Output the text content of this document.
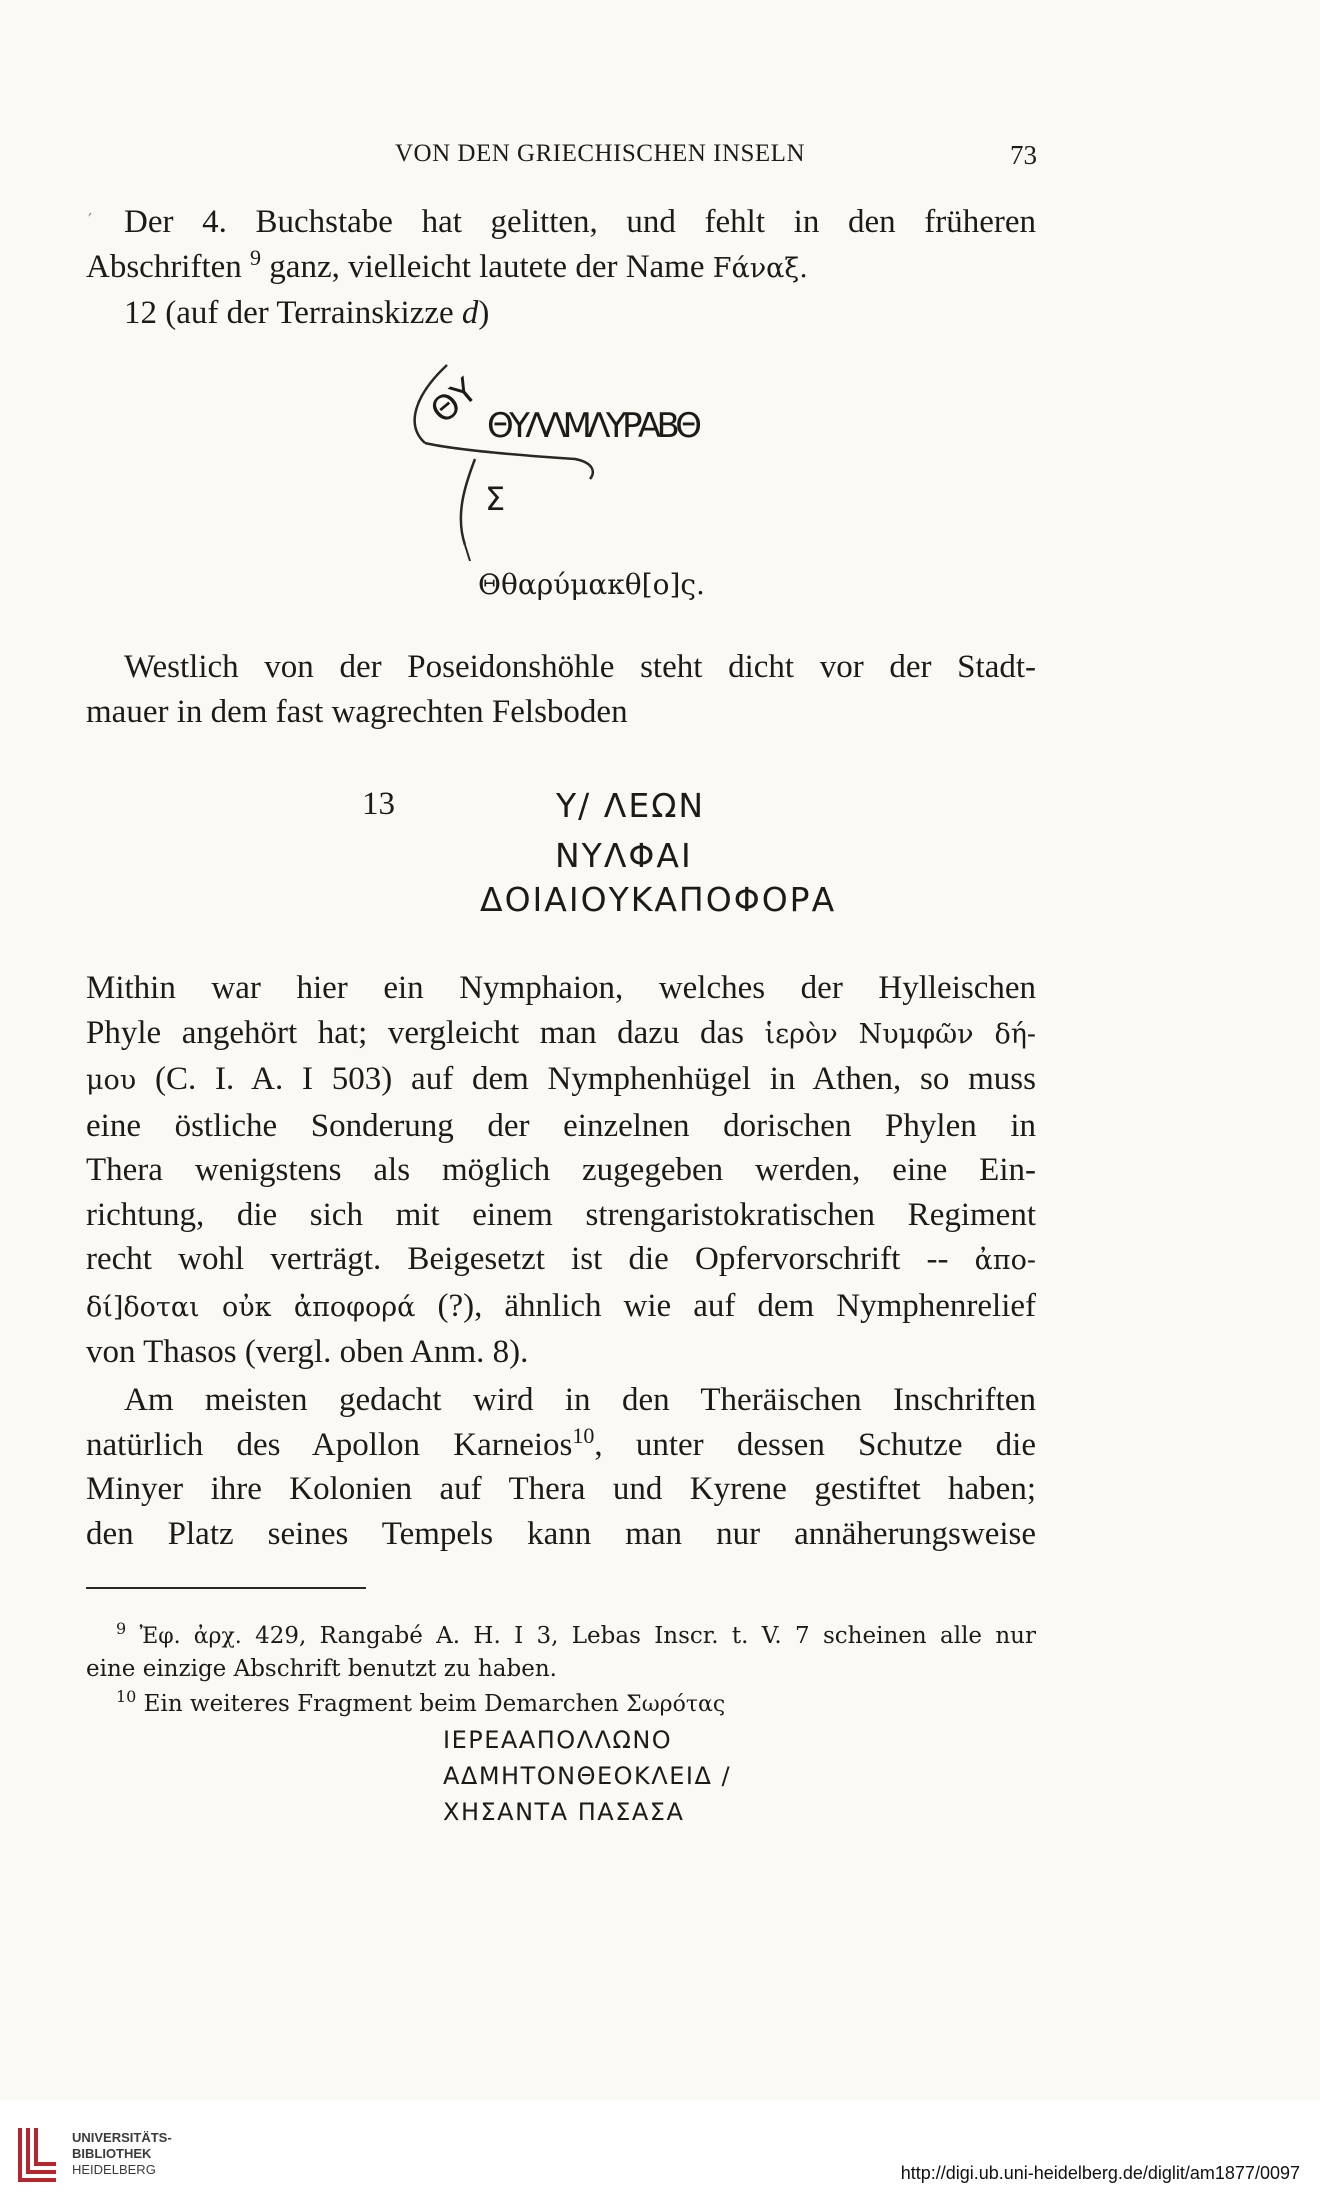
VON DEN GRIECHISCHEN INSELN	73
′ Der 4. Buchstabe hat gelitten, und fehlt in den früheren
Abschriften $^9$ ganz, vielleicht lautete der Name Fάναξ.
12 (auf der Terrainskizze d)
ΘΥ ΘΥΛΛΜΛΥΡΑΒΘ
Σ
Θθαρύμακθ[ο]ς.
Westlich von der Poseidonshöhle steht dicht vor der Stadt-
mauer in dem fast wagrechten Felsboden
13	Υ/ ΛΕΩΝ
ΝΥΛΦΑΙ
ΔΟΙΑΙΟΥΚΑΠΟΦΟΡΑ
Mithin war hier ein Nymphaion, welches der Hylleischen
Phyle angehört hat; vergleicht man dazu das ἱερὸν Νυμφῶν δή-
μου (C. I. A. I 503) auf dem Nymphenhügel in Athen, so muss
eine östliche Sonderung der einzelnen dorischen Phylen in
Thera wenigstens als möglich zugegeben werden, eine Ein-
richtung, die sich mit einem strengaristokratischen Regiment
recht wohl verträgt. Beigesetzt ist die Opfervorschrift -- ἀπο-
δί]δοται οὐκ ἀποφορά (?), ähnlich wie auf dem Nymphenrelief
von Thasos (vergl. oben Anm. 8).
Am meisten gedacht wird in den Theräischen Inschriften
natürlich des Apollon Karneios$^{10}$, unter dessen Schutze die
Minyer ihre Kolonien auf Thera und Kyrene gestiftet haben;
den Platz seines Tempels kann man nur annäherungsweise
$^9$ Ἐφ. ἀρχ. 429, Rangabé A. H. I 3, Lebas Inscr. t. V. 7 scheinen alle nur
eine einzige Abschrift benutzt zu haben.
$^{10}$ Ein weiteres Fragment beim Demarchen Σωρότας
ΙΕΡΕΑΑΠΟΛΛΩΝΟ
ΑΔΜΗΤΟΝΘΕΟΚΛΕΙΔ /
ΧΗΣΑΝΤΑ ΠΑΣΑΣΑ
UNIVERSITÄTS-
BIBLIOTHEK
HEIDELBERG	http://digi.ub.uni-heidelberg.de/diglit/am1877/0097
